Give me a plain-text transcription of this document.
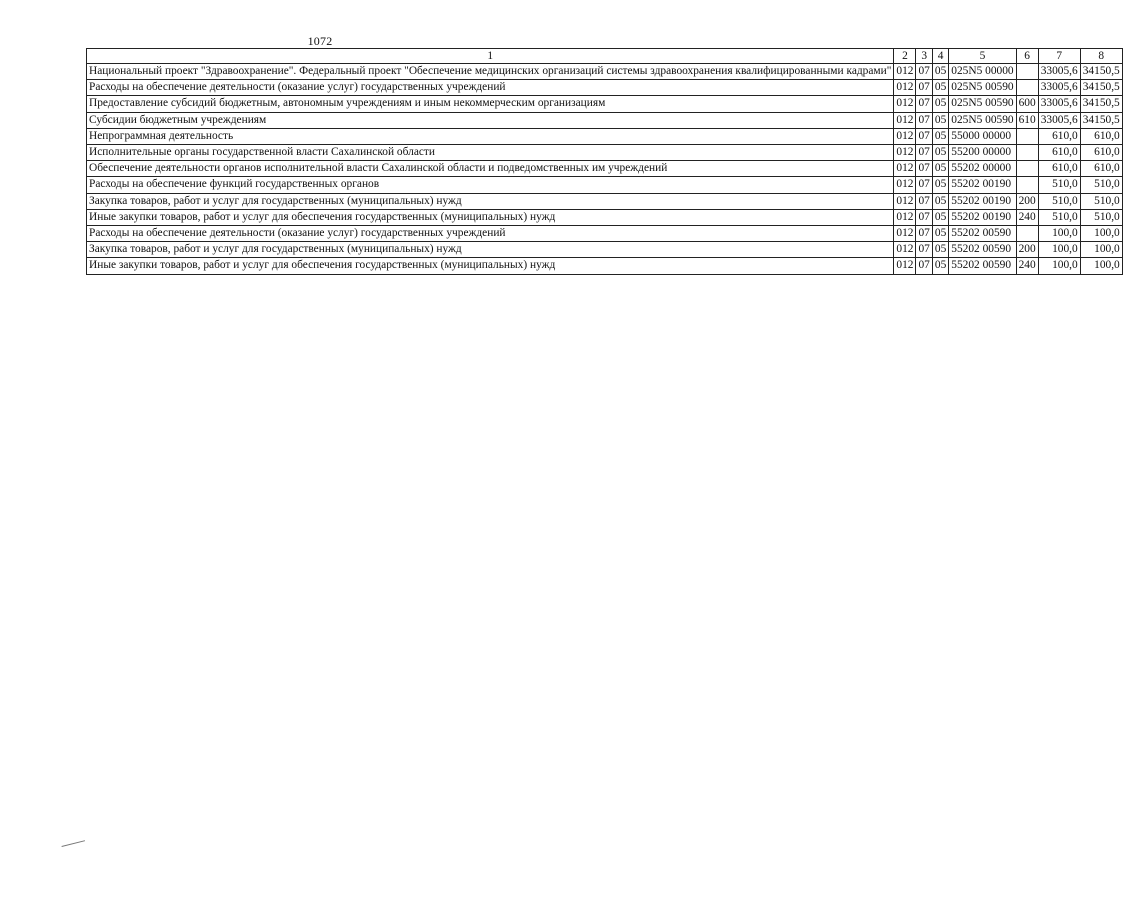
1072
1	2	3	4	5	6	7	8
Национальный проект "Здравоохранение". Федеральный проект "Обеспечение медицинских организаций системы здравоохранения квалифицированными кадрами"	012	07	05	025N5 00000		33005,6	34150,5
Расходы на обеспечение деятельности (оказание услуг) государственных учреждений	012	07	05	025N5 00590		33005,6	34150,5
Предоставление субсидий бюджетным, автономным учреждениям и иным некоммерческим организациям	012	07	05	025N5 00590	600	33005,6	34150,5
Субсидии бюджетным учреждениям	012	07	05	025N5 00590	610	33005,6	34150,5
Непрограммная деятельность	012	07	05	55000 00000		610,0	610,0
Исполнительные органы государственной власти Сахалинской области	012	07	05	55200 00000		610,0	610,0
Обеспечение деятельности органов исполнительной власти Сахалинской области и подведомственных им учреждений	012	07	05	55202 00000		610,0	610,0
Расходы на обеспечение функций государственных органов	012	07	05	55202 00190		510,0	510,0
Закупка товаров, работ и услуг для государственных (муниципальных) нужд	012	07	05	55202 00190	200	510,0	510,0
Иные закупки товаров, работ и услуг для обеспечения государственных (муниципальных) нужд	012	07	05	55202 00190	240	510,0	510,0
Расходы на обеспечение деятельности (оказание услуг) государственных учреждений	012	07	05	55202 00590		100,0	100,0
Закупка товаров, работ и услуг для государственных (муниципальных) нужд	012	07	05	55202 00590	200	100,0	100,0
Иные закупки товаров, работ и услуг для обеспечения государственных (муниципальных) нужд	012	07	05	55202 00590	240	100,0	100,0
